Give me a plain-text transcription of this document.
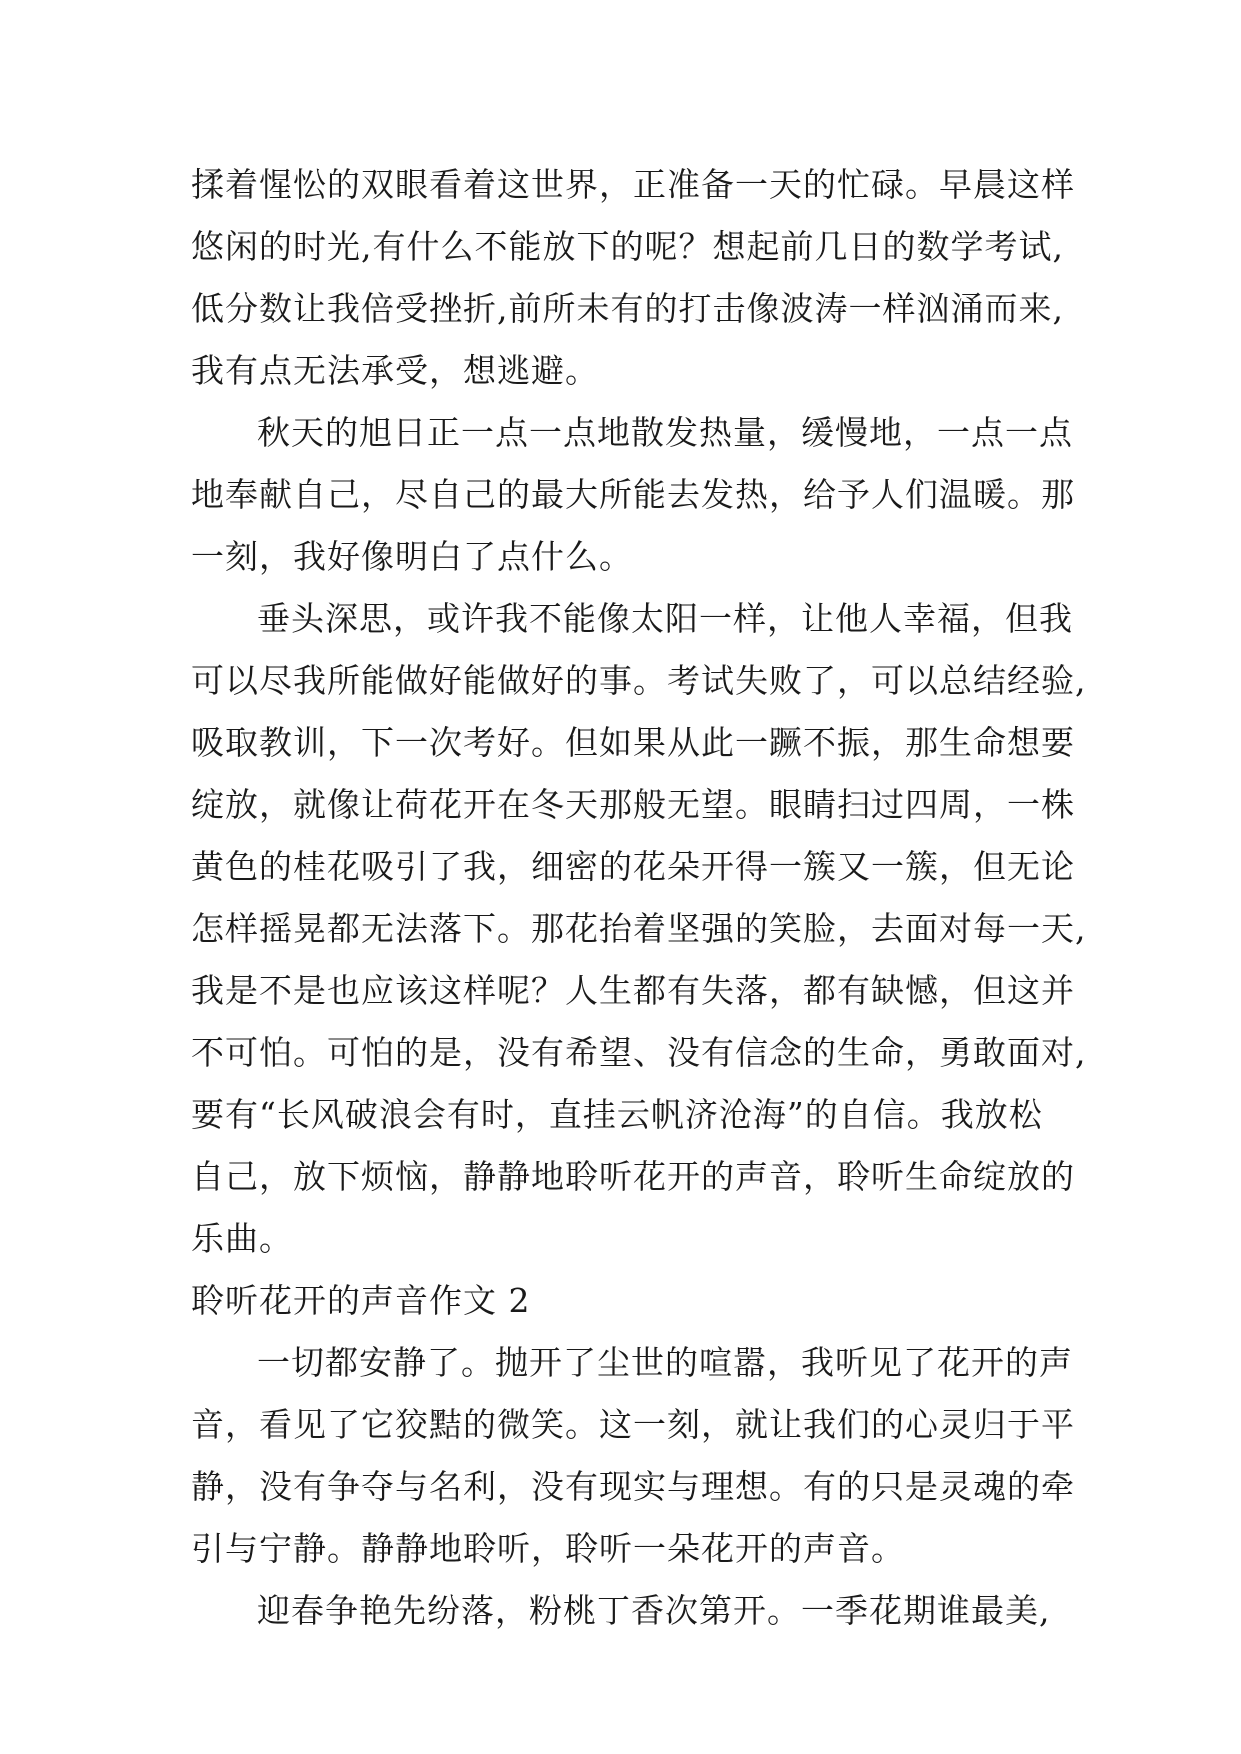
揉着惺忪的双眼看着这世界，正准备一天的忙碌。早晨这样
悠闲的时光,有什么不能放下的呢？想起前几日的数学考试,
低分数让我倍受挫折,前所未有的打击像波涛一样汹涌而来,
我有点无法承受，想逃避。
秋天的旭日正一点一点地散发热量，缓慢地，一点一点
地奉献自己，尽自己的最大所能去发热，给予人们温暖。那
一刻，我好像明白了点什么。
垂头深思，或许我不能像太阳一样，让他人幸福，但我
可以尽我所能做好能做好的事。考试失败了，可以总结经验,
吸取教训，下一次考好。但如果从此一蹶不振，那生命想要
绽放，就像让荷花开在冬天那般无望。眼睛扫过四周，一株
黄色的桂花吸引了我，细密的花朵开得一簇又一簇，但无论
怎样摇晃都无法落下。那花抬着坚强的笑脸，去面对每一天,
我是不是也应该这样呢？人生都有失落，都有缺憾，但这并
不可怕。可怕的是，没有希望、没有信念的生命，勇敢面对,
要有“长风破浪会有时，直挂云帆济沧海”的自信。我放松
自己，放下烦恼，静静地聆听花开的声音，聆听生命绽放的
乐曲。
聆听花开的声音作文 2
一切都安静了。抛开了尘世的喧嚣，我听见了花开的声
音，看见了它狡黠的微笑。这一刻，就让我们的心灵归于平
静，没有争夺与名利，没有现实与理想。有的只是灵魂的牵
引与宁静。静静地聆听，聆听一朵花开的声音。
迎春争艳先纷落，粉桃丁香次第开。一季花期谁最美,
